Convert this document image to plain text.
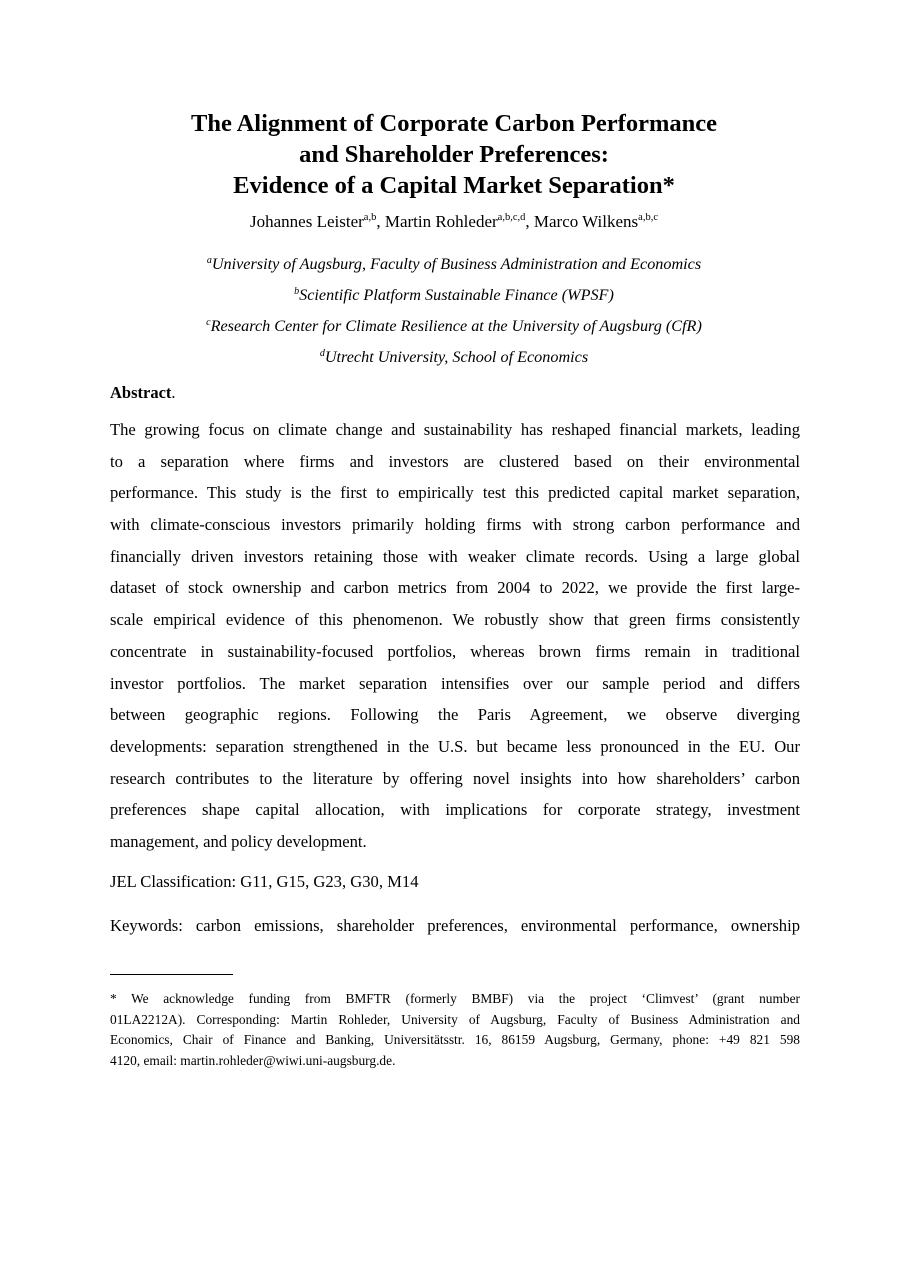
The Alignment of Corporate Carbon Performance
and Shareholder Preferences:
Evidence of a Capital Market Separation*
Johannes Leister$^{a,b}$, Martin Rohleder$^{a,b,c,d}$, Marco Wilkens$^{a,b,c}$
$^a$University of Augsburg, Faculty of Business Administration and Economics
$^b$Scientific Platform Sustainable Finance (WPSF)
$^c$Research Center for Climate Resilience at the University of Augsburg (CfR)
$^d$Utrecht University, School of Economics
Abstract.
The growing focus on climate change and sustainability has reshaped financial markets, leading
to a separation where firms and investors are clustered based on their environmental
performance. This study is the first to empirically test this predicted capital market separation,
with climate-conscious investors primarily holding firms with strong carbon performance and
financially driven investors retaining those with weaker climate records. Using a large global
dataset of stock ownership and carbon metrics from 2004 to 2022, we provide the first large-
scale empirical evidence of this phenomenon. We robustly show that green firms consistently
concentrate in sustainability-focused portfolios, whereas brown firms remain in traditional
investor portfolios. The market separation intensifies over our sample period and differs
between geographic regions. Following the Paris Agreement, we observe diverging
developments: separation strengthened in the U.S. but became less pronounced in the EU. Our
research contributes to the literature by offering novel insights into how shareholders’ carbon
preferences shape capital allocation, with implications for corporate strategy, investment
management, and policy development.
JEL Classification: G11, G15, G23, G30, M14
Keywords: carbon emissions, shareholder preferences, environmental performance, ownership
* We acknowledge funding from BMFTR (formerly BMBF) via the project ‘Climvest’ (grant number
01LA2212A). Corresponding: Martin Rohleder, University of Augsburg, Faculty of Business Administration and
Economics, Chair of Finance and Banking, Universitätsstr. 16, 86159 Augsburg, Germany, phone: +49 821 598
4120, email: martin.rohleder@wiwi.uni-augsburg.de.
